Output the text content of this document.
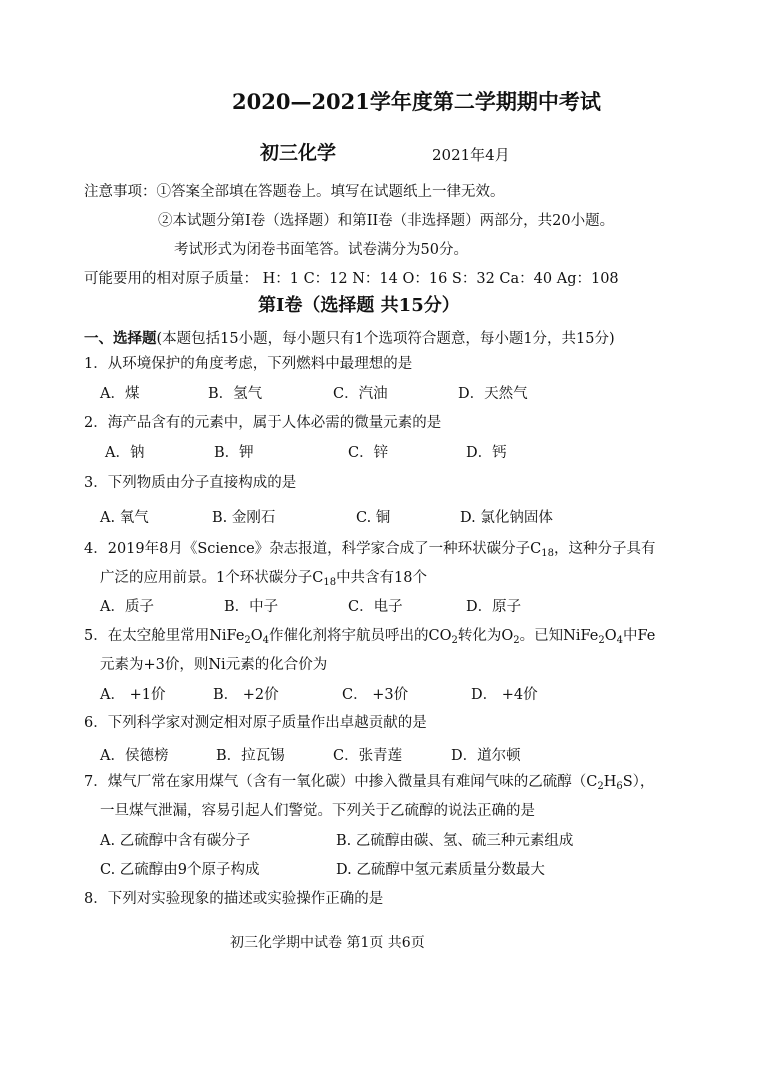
2020—2021学年度第二学期期中考试
初三化学	2021年4月
注意事项：①答案全部填在答题卷上。填写在试题纸上一律无效。
②本试题分第I卷（选择题）和第II卷（非选择题）两部分，共20小题。
考试形式为闭卷书面笔答。试卷满分为50分。
可能要用的相对原子质量： H：1 C：12 N：14 O：16 S：32 Ca：40 Ag：108
第Ⅰ卷（选择题 共15分）
一、选择题(本题包括15小题，每小题只有1个选项符合题意，每小题1分，共15分)
1．从环境保护的角度考虑，下列燃料中最理想的是
A．煤	B．氢气	C．汽油	D．天然气
2．海产品含有的元素中，属于人体必需的微量元素的是
A．钠	B．钾	C．锌	D．钙
3．下列物质由分子直接构成的是
A. 氧气	B. 金刚石	C. 铜	D. 氯化钠固体
4．2019年8月《Science》杂志报道，科学家合成了一种环状碳分子$C_{18}$，这种分子具有
广泛的应用前景。1个环状碳分子$C_{18}$中共含有18个
A．质子	B．中子	C．电子	D．原子
5．在太空舱里常用$NiFe_2O_4$作催化剂将宇航员呼出的$CO_2$转化为$O_2$。已知$NiFe_2O_4$中Fe
元素为+3价，则Ni元素的化合价为
A． +1价	B． +2价	C． +3价	D． +4价
6．下列科学家对测定相对原子质量作出卓越贡献的是
A．侯德榜	B．拉瓦锡	C．张青莲	D．道尔顿
7．煤气厂常在家用煤气（含有一氧化碳）中掺入微量具有难闻气味的乙硫醇$(C_2H_6S)$，
一旦煤气泄漏，容易引起人们警觉。下列关于乙硫醇的说法正确的是
A. 乙硫醇中含有碳分子	B. 乙硫醇由碳、氢、硫三种元素组成
C. 乙硫醇由9个原子构成	D. 乙硫醇中氢元素质量分数最大
8．下列对实验现象的描述或实验操作正确的是
初三化学期中试卷 第1页 共6页
